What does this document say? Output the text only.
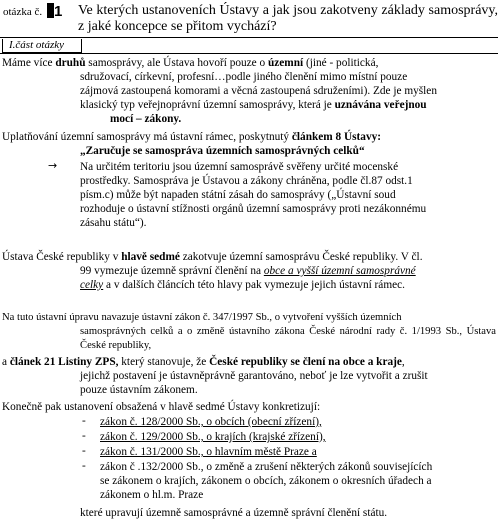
otázka č. 1	Ve kterých ustanoveních Ústavy a jak jsou zakotveny základy samosprávy, z jaké koncepce se přitom vychází?
I.část otázky
Máme více druhů samosprávy, ale Ústava hovoří pouze o územní (jiné - politická,
sdružovací, církevní, profesní…podle jiného členění mimo místní pouze
zájmová zastoupená komorami a věcná zastoupená sdruženími). Zde je myšlen
klasický typ veřejnoprávní územní samosprávy, která je uznávána veřejnou
mocí – zákony.
Uplatňování územní samosprávy má ústavní rámec, poskytnutý článkem 8 Ústavy:
„Zaručuje se samospráva územních samosprávných celků“
→ Na určitém teritoriu jsou územní samosprávě svěřeny určité mocenské
prostředky. Samospráva je Ústavou a zákony chráněna, podle čl.87 odst.1
písm.c) může být napaden státní zásah do samosprávy („Ústavní soud
rozhoduje o ústavní stížnosti orgánů územní samosprávy proti nezákonnému
zásahu státu“).
Ústava České republiky v hlavě sedmé zakotvuje územní samosprávu České republiky. V čl.
99 vymezuje územně správní členění na obce a vyšší územní samosprávné
celky a v dalších článcích této hlavy pak vymezuje jejich ústavní rámec.
Na tuto ústavní úpravu navazuje ústavní zákon č. 347/1997 Sb., o vytvoření vyšších územních
samosprávných celků a o změně ústavního zákona České národní rady č. 1/1993 Sb., Ústava České republiky,
a článek 21 Listiny ZPS, který stanovuje, že České republiky se člení na obce a kraje,
jejichž postavení je ústavněprávně garantováno, neboť je lze vytvořit a zrušit
pouze ústavním zákonem.
Konečně pak ustanovení obsažená v hlavě sedmé Ústavy konkretizují:
- zákon č. 128/2000 Sb., o obcích (obecní zřízení),
- zákon č. 129/2000 Sb., o krajích (krajské zřízení),
- zákon č. 131/2000 Sb., o hlavním městě Praze a
- zákon č .132/2000 Sb., o změně a zrušení některých zákonů souvisejících
se zákonem o krajích, zákonem o obcích, zákonem o okresních úřadech a
zákonem o hl.m. Praze
které upravují územně samosprávné a územně správní členění státu.
